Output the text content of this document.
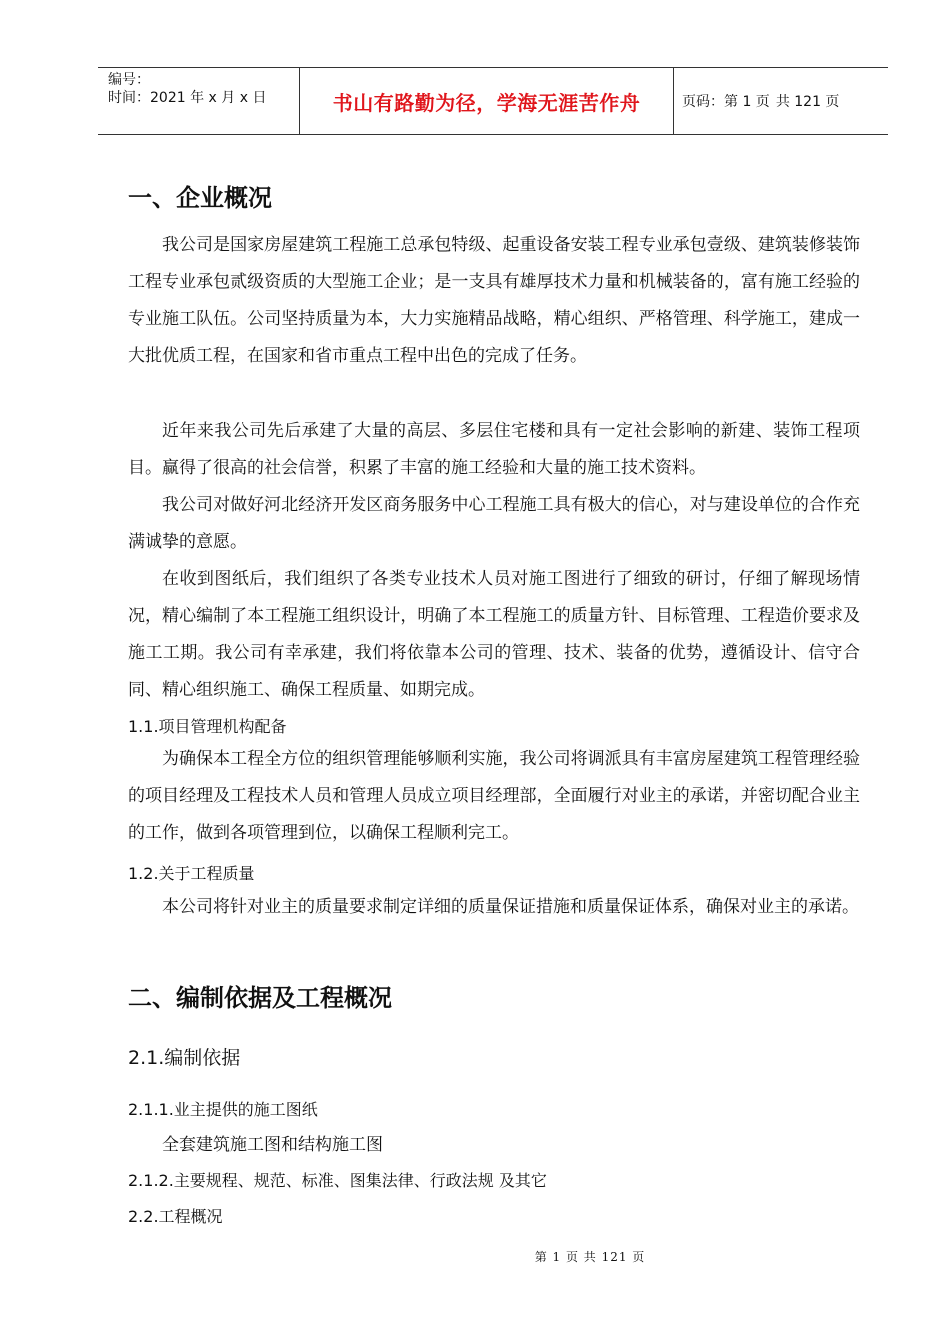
编号：
时间：2021 年 x 月 x 日	书山有路勤为径，学海无涯苦作舟	页码：第 1 页 共 121 页
一、企业概况
我公司是国家房屋建筑工程施工总承包特级、起重设备安装工程专业承包壹级、建筑装修装饰工程专业承包贰级资质的大型施工企业；是一支具有雄厚技术力量和机械装备的，富有施工经验的专业施工队伍。公司坚持质量为本，大力实施精品战略，精心组织、严格管理、科学施工，建成一大批优质工程，在国家和省市重点工程中出色的完成了任务。
近年来我公司先后承建了大量的高层、多层住宅楼和具有一定社会影响的新建、装饰工程项目。赢得了很高的社会信誉，积累了丰富的施工经验和大量的施工技术资料。
我公司对做好河北经济开发区商务服务中心工程施工具有极大的信心，对与建设单位的合作充满诚挚的意愿。
在收到图纸后，我们组织了各类专业技术人员对施工图进行了细致的研讨，仔细了解现场情况，精心编制了本工程施工组织设计，明确了本工程施工的质量方针、目标管理、工程造价要求及施工工期。我公司有幸承建，我们将依靠本公司的管理、技术、装备的优势，遵循设计、信守合同、精心组织施工、确保工程质量、如期完成。
1.1.项目管理机构配备
为确保本工程全方位的组织管理能够顺利实施，我公司将调派具有丰富房屋建筑工程管理经验的项目经理及工程技术人员和管理人员成立项目经理部，全面履行对业主的承诺，并密切配合业主的工作，做到各项管理到位，以确保工程顺利完工。
1.2.关于工程质量
本公司将针对业主的质量要求制定详细的质量保证措施和质量保证体系，确保对业主的承诺。
二、编制依据及工程概况
2.1.编制依据
2.1.1.业主提供的施工图纸
全套建筑施工图和结构施工图
2.1.2.主要规程、规范、标准、图集法律、行政法规 及其它
2.2.工程概况
第 1 页 共 121 页
